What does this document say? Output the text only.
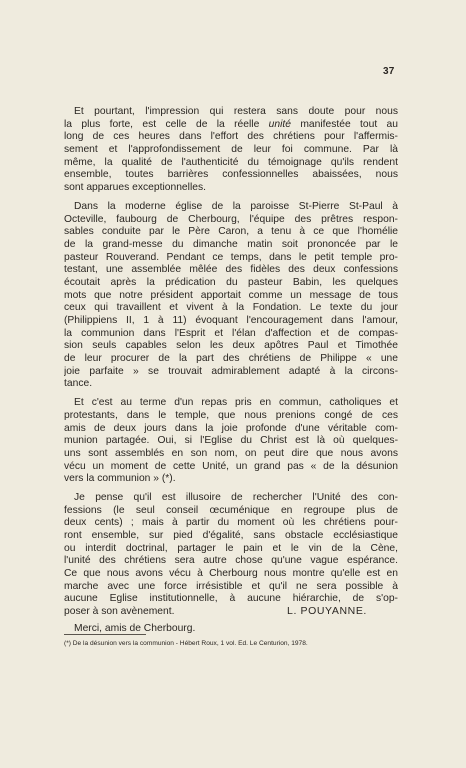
37
Et pourtant, l'impression qui restera sans doute pour nous
la plus forte, est celle de la réelle unité manifestée tout au
long de ces heures dans l'effort des chrétiens pour l'affermis-
sement et l'approfondissement de leur foi commune. Par là
même, la qualité de l'authenticité du témoignage qu'ils rendent
ensemble, toutes barrières confessionnelles abaissées, nous
sont apparues exceptionnelles.
Dans la moderne église de la paroisse St-Pierre St-Paul à
Octeville, faubourg de Cherbourg, l'équipe des prêtres respon-
sables conduite par le Père Caron, a tenu à ce que l'homélie
de la grand-messe du dimanche matin soit prononcée par le
pasteur Rouverand. Pendant ce temps, dans le petit temple pro-
testant, une assemblée mêlée des fidèles des deux confessions
écoutait après la prédication du pasteur Babin, les quelques
mots que notre président apportait comme un message de tous
ceux qui travaillent et vivent à la Fondation. Le texte du jour
(Philippiens II, 1 à 11) évoquant l'encouragement dans l'amour,
la communion dans l'Esprit et l'élan d'affection et de compas-
sion seuls capables selon les deux apôtres Paul et Timothée
de leur procurer de la part des chrétiens de Philippe « une
joie parfaite » se trouvait admirablement adapté à la circons-
tance.
Et c'est au terme d'un repas pris en commun, catholiques et
protestants, dans le temple, que nous prenions congé de ces
amis de deux jours dans la joie profonde d'une véritable com-
munion partagée. Oui, si l'Eglise du Christ est là où quelques-
uns sont assemblés en son nom, on peut dire que nous avons
vécu un moment de cette Unité, un grand pas « de la désunion
vers la communion » (*).
Je pense qu'il est illusoire de rechercher l'Unité des con-
fessions (le seul conseil œcuménique en regroupe plus de
deux cents) ; mais à partir du moment où les chrétiens pour-
ront ensemble, sur pied d'égalité, sans obstacle ecclésiastique
ou interdit doctrinal, partager le pain et le vin de la Cène,
l'unité des chrétiens sera autre chose qu'une vague espérance.
Ce que nous avons vécu à Cherbourg nous montre qu'elle est en
marche avec une force irrésistible et qu'il ne sera possible à
aucune Eglise institutionnelle, à aucune hiérarchie, de s'op-
poser à son avènement.
Merci, amis de Cherbourg.
L. POUYANNE.
(*) De la désunion vers la communion - Hébert Roux, 1 vol. Ed. Le Centurion, 1978.
